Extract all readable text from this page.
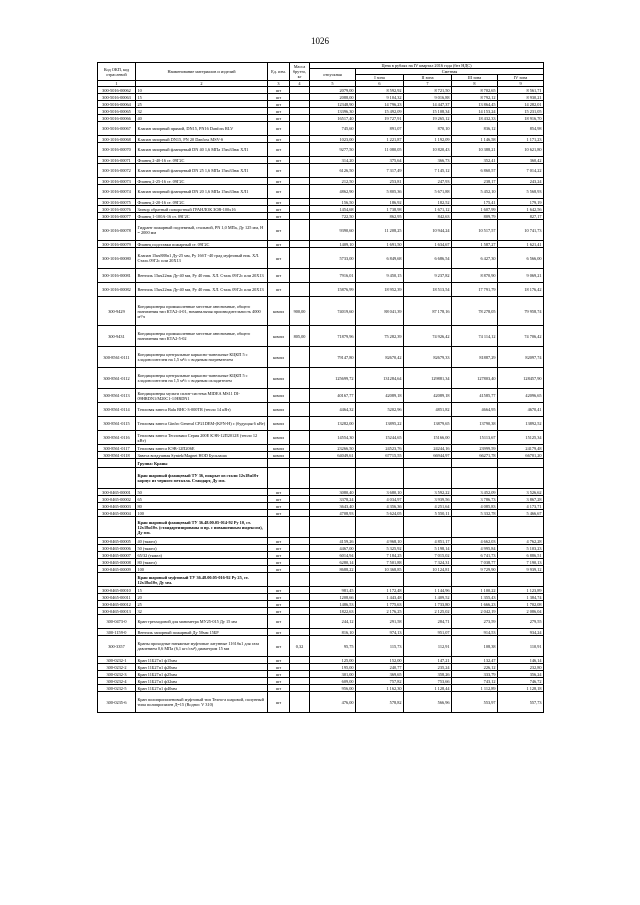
1026
Код ОКП, код отраслевой	Наименование материалов и изделий	Ед. изм.	Масса брутто, кг	Цена в рублях на IV квартал 2016 года (без НДС)				
				отпускная	Сметная			
					I зона	II зона	III зона	IV зона
1	2	3	4	5	6	7	8	9
300-5016-00062	10	шт		2079,00	8 592,92	8 721,50	8 702,65	8 561,71
300-5016-00063	15	шт		2088,00	9 104,32	9 016,88	8 792,12	8 930,21
300-5016-00064	25	шт		12348,90	14 796,23	14 447,37	13 864,45	14 282,01
300-5016-00065	32	шт		13396,30	15 492,09	15 108,34	14 153,24	15 231,05
300-5016-00066	40	шт		16517,40	19 727,91	19 265,12	18 432,33	18 916,70
300-5016-00067	Клапан запорный прямой, DN15, PN16 Danfoss RLV	шт		745,60	891,07	870,10	836,12	854,98
300-1016-00068	Клапан запорный DN15, PN 20 Danfoss MSV-S	шт		1023,00	1 221,87	1 192,09	1 146,58	1 171,23
300-1016-00070	Клапан запорный фланцевый DN 40 1,6 МПа 15кч33нж ХЛ1	шт		9277,50	11 080,05	10 820,43	10 388,21	10 621,80
300-1016-00071	Фланец 2-40-16 ст. 09Г2С	шт		314,20	375,64	366,73	352,41	360,42
300-1016-00072	Клапан запорный фланцевый DN 25 1,6 МПа 15кч33нж ХЛ1	шт		6126,50	7 317,49	7 145,12	6 860,57	7 014,22
300-1016-00073	Фланец 2-25-16 ст. 09Г2С	шт		212,50	253,81	247,93	238,17	243,24
300-1016-00074	Клапан запорный фланцевый DN 20 1,6 МПа 15кч33нж ХЛ1	шт		4862,90	5 805,36	5 671,88	5 452,10	5 568,93
300-1016-00075	Фланец 2-20-16 ст. 09Г2С	шт		156,50	186,92	182,52	175,41	179,19
300-1016-00076	Затвор обратный поворотный ГРАНЛОК ЗОВ-100х16	шт		1454,68	1 738,98	1 671,12	1 607,99	1 642,56
300-1016-00077	Фланец 1-100А-16 ст. 09Г2С	шт		722,50	862,95	842,63	809,79	827,17
300-1016-00078	Гидрант пожарный подземный, стальной, PN 1,0 МПа, Ду 125 мм, Н = 2000 мм	шт		9390,60	11 208,25	10 944,24	10 517,57	10 741,73
300-1016-00079	Фланец подставки пожарный ст. 09Г2С	шт		1409,10	1 691,50	1 634,67	1 587,27	1 621,41
300-1016-00080	Клапан 15кч888п1 Ду-25 мм, Ру 16бТ -40 град муфтовый нпк. ХЛ. Сталь 09Г2с или 20Х13	шт		5733,00	6 849,68	6 686,54	6 427,30	6 566,00
300-1016-00081	Вентиль 15кч22нж Ду-40 мм, Ру 40 нпк. ХЛ. Сталь 09Г2с или 20Х13	шт		7916,01	9 450,15	9 237,82	8 870,90	9 069,21
300-1016-00082	Вентиль 15кч22нж Ду-40 мм, Ру 40 нпк. ХЛ. Сталь 09Г2с или 20Х13	шт		15876,99	18 952,39	18 513,54	17 791,79	18 176,42
300-9429	Кондиционеры промышленные местные автономные, общего назначения тип КТА2-4-01, номинальная производительность 4000 м³/ч	компл	900,00	74019,60	88 041,39	87 178,16	78 278,05	79 958,74
300-9431	Кондиционеры промышленные местные автономные, общего назначения тип КТА2-5-02	компл	805,00	71879,96	75 282,39	74 926,42	74 114,12	74 706,42
300-8561-0111	Кондиционеры центральные каркасно-панельные КЦКП 5 с хладоносителем на 1,5 м³/с с водяным нагревателем	компл		79147,80	82670,42	82679,33	81887,29	82097,74
300-8561-0112	Кондиционеры центральные каркасно-панельные КЦКП 5 с хладоносителем на 1,5 м³/с с водяным охладителем	компл		125699,72	131284,64	129881,34	127803,40	128457,90
300-8561-0113	Кондиционеры мульти сплит-система MIDEA MS11 DI-09HRDN1/M20C1-1/HRDN1	компл		40167,77	42089,18	42089,18	41585,77	42096,65
300-8561-0114	Тепловая завеса Balu BHC-3-000TR (тепло 14 кВт)	компл		4464,32	5202,96	4851,82	4664,95	4670,41
300-8561-0115	Тепловая завеса Ginfro General CP21DEM-(KFN-Н) с (будущая 6 кВт)	компл		13282,00	13895,22	13879,65	13790,38	13892,52
300-8561-0116	Тепловая завеса Тепломаш Серия 200E КЭВ-12П2012E (тепло 12 кВт)	компл		14554,30	15244,65	15166,00	15113,67	15125,34
300-8561-0117	Тепловая завеса КЭВ-12П206E	компл		23266,50	24523,76	24244,16	23999,59	24179,48
300-8561-0118	Завеса воздушная Syntek/Magnet HOD Бусклаша	компл		64049,61	67715,55	66944,97	66271,78	66701,20
	Группа: Краны							
	Кран шаровый фланцевый ТУ 36, покрыт из стали 12х18н10т корпус из черного металла. Стандарт, Ду мм.							
300-0465-00001	50	шт		3080,40	3 680,10	3 592,22	3 452,09	3 526,62
300-0465-00002	65	шт		3378,24	4 034,97	3 939,56	3 786,73	3 867,28
300-0465-00003	80	шт		3643,40	4 356,36	4 251,64	4 085,83	4 173,71
300-0465-00004	100	шт		4708,93	5 624,05	5 550,11	5 332,78	5 466,67
	Кран шаровый фланцевый ТУ 36.48.00.05-014-92 Ру 10, ст. 12х18н10т. (стандартизированы и пр. с повышенным индексом), Ду мм.							
300-0465-00005	40 (тяжел)	шт		4159,26	4 968,10	4 851,17	4 662,03	4 762,28
300-0465-00006	50 (тяжел)	шт		4467,00	5 325,92	5 198,14	4 995,84	5 103,23
300-0465-00007	65/32 (тяжел)	шт		6014,94	7 184,25	7 015,02	6 741,73	6 886,51
300-0465-00008	80 (тяжел)	шт		6280,14	7 501,88	7 324,31	7 038,77	7 190,13
300-0465-00009	100	шт		8688,22	10 368,85	10 124,81	9 729,90	9 939,12
	Кран шаровый муфтовый ТУ 36.48.00.05-016-92 Ру 25, ст. 12х18н10т, Ду мм.							
300-0465-00010	15	шт		981,45	1 172,48	1 144,96	1 100,22	1 123,89
300-0465-00011	20	шт		1208,66	1 443,48	1 409,52	1 355,43	1 384,74
300-0465-00012	25	шт		1486,53	1 775,63	1 733,80	1 666,23	1 702,08
300-0465-00013	32	шт		1822,63	2 176,25	2 125,02	2 042,19	2 086,04
300-0473-0	Кран трехходовой для манометра МУ25-015 Ду 15 мм	шт		244,12	291,58	284,71	273,59	279,55
300-1159-0	Вентиль запорный пожарный Ду 50мм 15БР	шт		816,10	974,13	951,07	914,53	934,24
300-3357	Краны проходные натяжные муфтовые латунные 11б1бк1 для газа давлением 0,6 МПа (6,1 кгс/см²) диаметром 15 мм	шт	0,32	95,75	115,73	112,91	108,38	110,91
300-0232-1	Кран 11Б27п1 ф15мм	шт		125,00	152,00	147,21	132,47	146,14
300-0232-2	Кран 11Б27п1 ф20мм	шт		195,00	240,77	235,24	226,12	232,80
300-0232-3	Кран 11Б27п1 ф25мм	шт		301,00	369,65	358,26	333,79	356,24
300-0232-4	Кран 11Б27п1 ф32мм	шт		609,00	757,82	753,66	743,12	746,72
300-0232-5	Кран 11Б27п1 ф40мм	шт		956,00	1 162,30	1 128,44	1 112,89	1 128,18
300-0235-6	Кран полипропиленовый муфтовый тип Техно-а шаровой, полунный типа полипропилен Д=15 (Rоднос V 310)	шт		476,00	578,82	566,96	553,97	557,73
